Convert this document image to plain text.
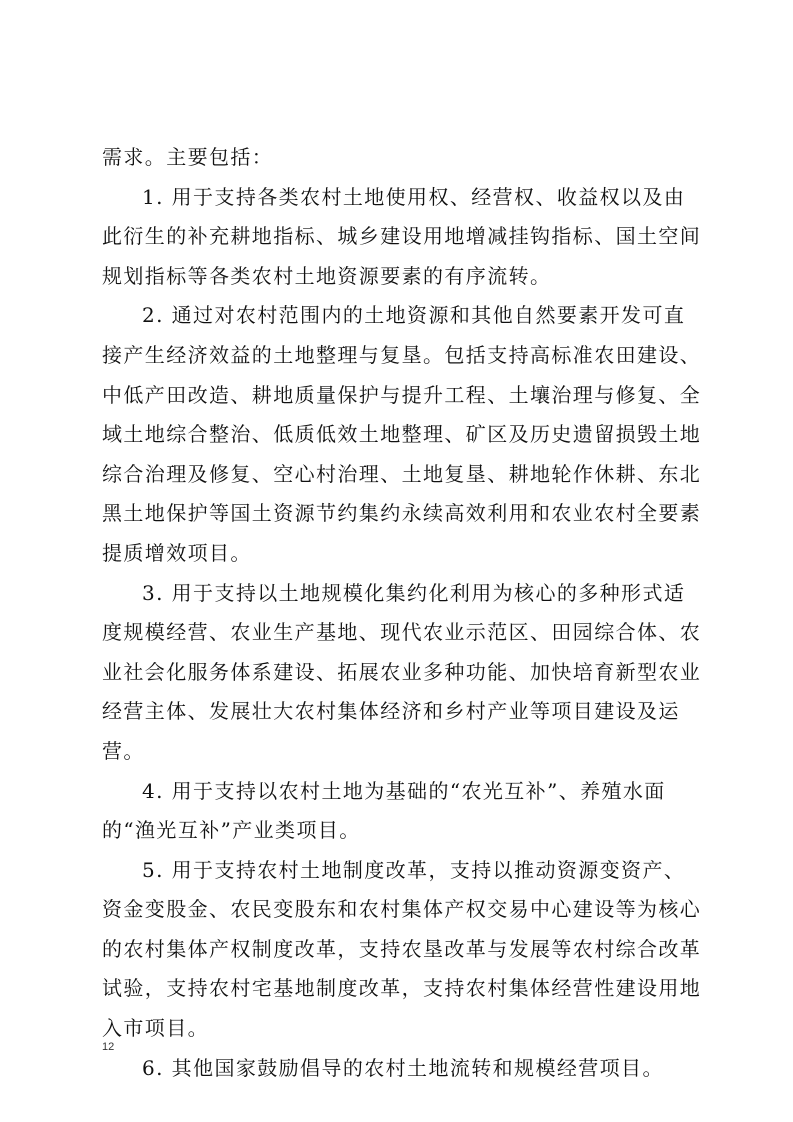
需求。主要包括：

1. 用于支持各类农村土地使用权、经营权、收益权以及由此衍生的补充耕地指标、城乡建设用地增减挂钩指标、国土空间规划指标等各类农村土地资源要素的有序流转。

2. 通过对农村范围内的土地资源和其他自然要素开发可直接产生经济效益的土地整理与复垦。包括支持高标准农田建设、中低产田改造、耕地质量保护与提升工程、土壤治理与修复、全域土地综合整治、低质低效土地整理、矿区及历史遗留损毁土地综合治理及修复、空心村治理、土地复垦、耕地轮作休耕、东北黑土地保护等国土资源节约集约永续高效利用和农业农村全要素提质增效项目。

3. 用于支持以土地规模化集约化利用为核心的多种形式适度规模经营、农业生产基地、现代农业示范区、田园综合体、农业社会化服务体系建设、拓展农业多种功能、加快培育新型农业经营主体、发展壮大农村集体经济和乡村产业等项目建设及运营。

4. 用于支持以农村土地为基础的“农光互补”、养殖水面的“渔光互补”产业类项目。

5. 用于支持农村土地制度改革，支持以推动资源变资产、资金变股金、农民变股东和农村集体产权交易中心建设等为核心的农村集体产权制度改革，支持农垦改革与发展等农村综合改革试验，支持农村宅基地制度改革，支持农村集体经营性建设用地入市项目。

6. 其他国家鼓励倡导的农村土地流转和规模经营项目。

12
